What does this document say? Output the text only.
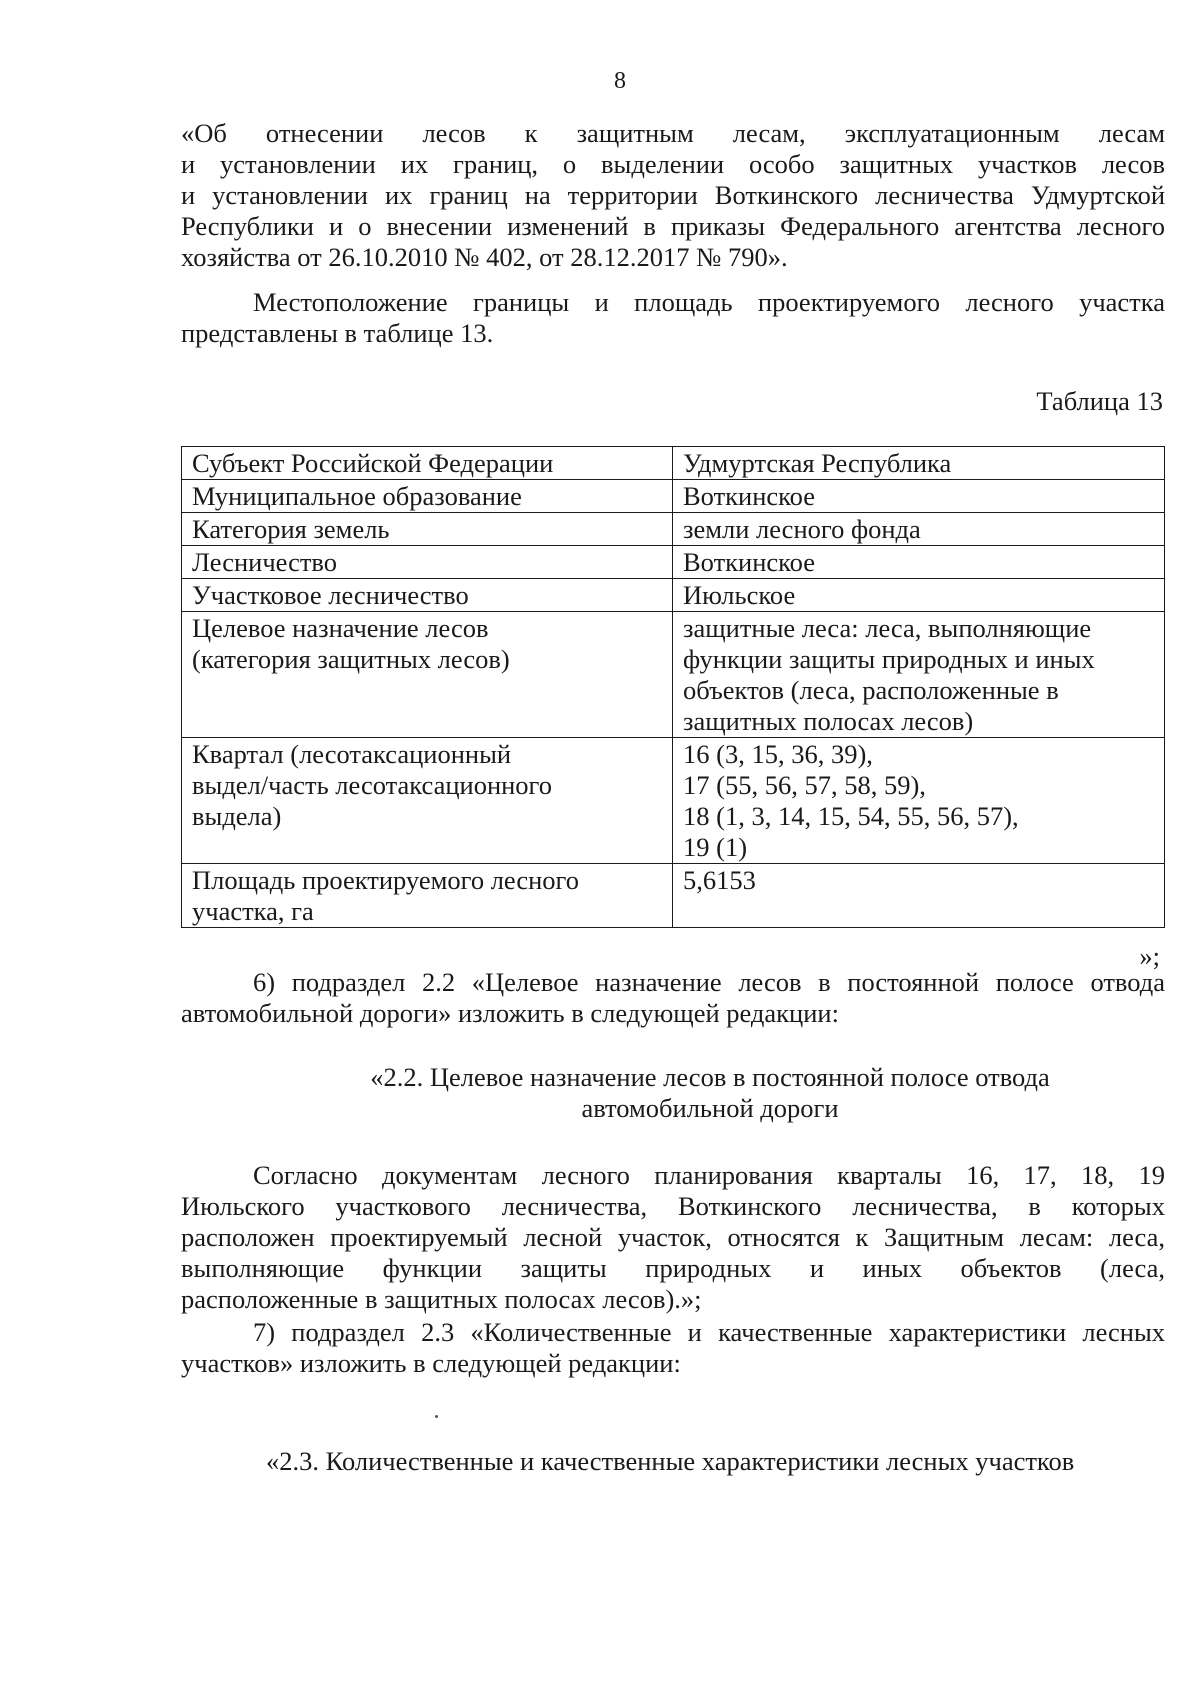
8

«Об отнесении лесов к защитным лесам, эксплуатационным лесам

и установлении их границ, о выделении особо защитных участков лесов

и установлении их границ на территории Воткинского лесничества Удмуртской

Республики и о внесении изменений в приказы Федерального агентства лесного

хозяйства от 26.10.2010 № 402, от 28.12.2017 № 790».

Местоположение границы и площадь проектируемого лесного участка

представлены в таблице 13.

Таблица 13
Субъект Российской Федерации	Удмуртская Республика

Муниципальное образование	Воткинское

Категория земель	земли лесного фонда

Лесничество	Воткинское

Участковое лесничество	Июльское

Целевое назначение лесов
(категория защитных лесов)	защитные леса: леса, выполняющие
функции защиты природных и иных
объектов (леса, расположенные в
защитных полосах лесов)

Квартал (лесотаксационный
выдел/часть лесотаксационного
выдела)	16 (3, 15, 36, 39),
17 (55, 56, 57, 58, 59),
18 (1, 3, 14, 15, 54, 55, 56, 57),
19 (1)

Площадь проектируемого лесного
участка, га	5,6153
»;

6) подраздел 2.2 «Целевое назначение лесов в постоянной полосе отвода

автомобильной дороги» изложить в следующей редакции:

«2.2. Целевое назначение лесов в постоянной полосе отвода
автомобильной дороги

Согласно документам лесного планирования кварталы 16, 17, 18, 19

Июльского участкового лесничества, Воткинского лесничества, в которых

расположен проектируемый лесной участок, относятся к Защитным лесам: леса,

выполняющие функции защиты природных и иных объектов (леса,

расположенные в защитных полосах лесов).»;

7) подраздел 2.3 «Количественные и качественные характеристики лесных

участков» изложить в следующей редакции:

«2.3. Количественные и качественные характеристики лесных участков
